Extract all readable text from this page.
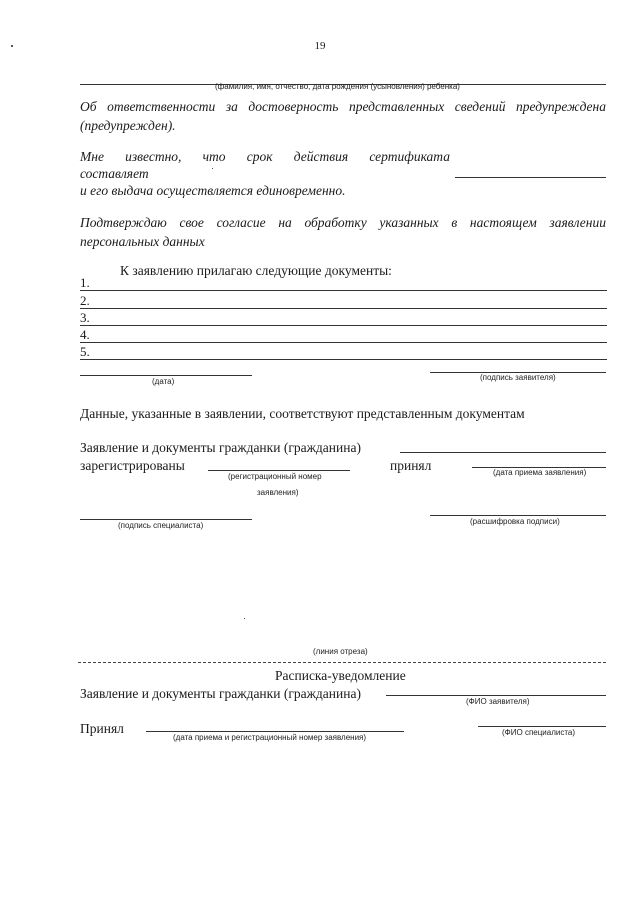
19
(фамилия, имя, отчество, дата рождения (усыновления) ребенка)
Об ответственности за достоверность представленных сведений предупреждена (предупрежден).
Мне известно, что срок действия сертификата
составляет
и его выдача осуществляется единовременно.
Подтверждаю свое согласие на обработку указанных в настоящем заявлении персональных данных
К заявлению прилагаю следующие документы:
1.
2.
3.
4.
5.
(дата)	(подпись заявителя)
Данные, указанные в заявлении, соответствуют представленным документам
Заявление и документы гражданки (гражданина)
зарегистрированы
(регистрационный номер
заявления)
принял	(дата приема заявления)
(подпись специалиста)	(расшифровка подписи)
(линия отреза)
Расписка-уведомление
Заявление и документы гражданки (гражданина)
(ФИО заявителя)
Принял
(дата приема и регистрационный номер заявления)
(ФИО специалиста)
